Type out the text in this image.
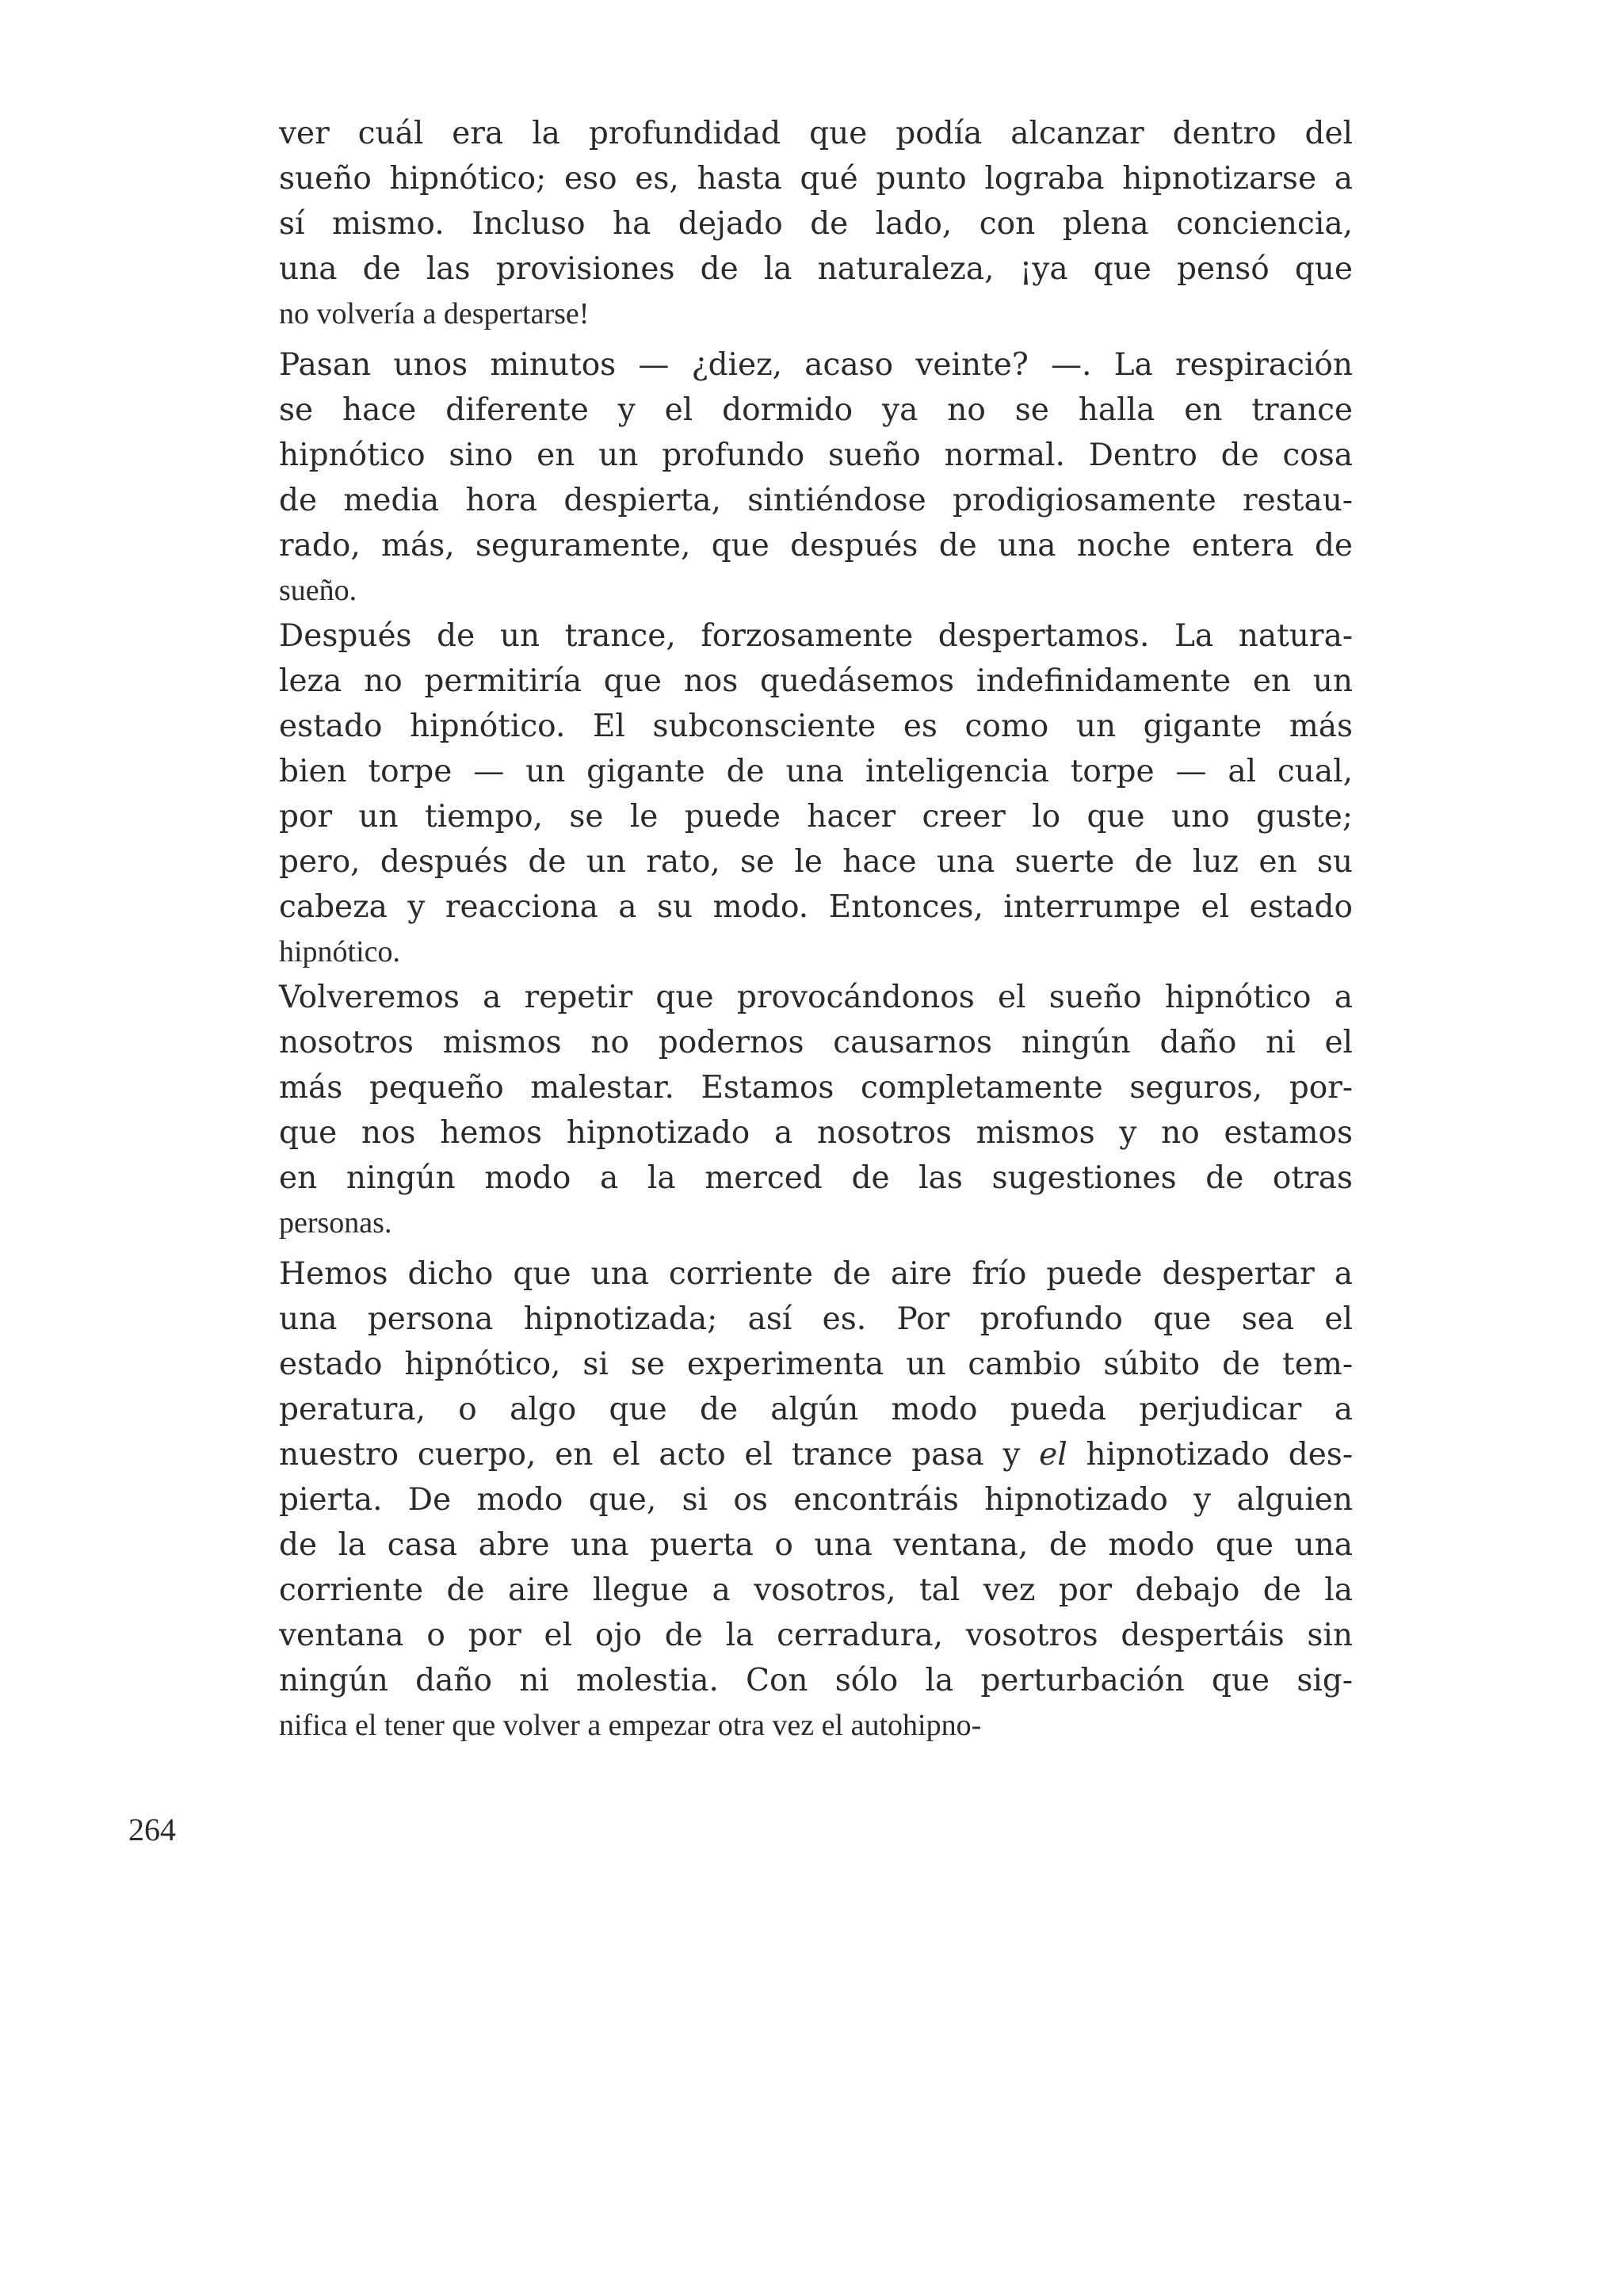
ver cuál era la profundidad que podía alcanzar dentro del
sueño hipnótico; eso es, hasta qué punto lograba hipnotizarse a
sí mismo. Incluso ha dejado de lado, con plena conciencia,
una de las provisiones de la naturaleza, ¡ya que pensó que
no volvería a despertarse!
Pasan unos minutos — ¿diez, acaso veinte? —. La respiración
se hace diferente y el dormido ya no se halla en trance
hipnótico sino en un profundo sueño normal. Dentro de cosa
de media hora despierta, sintiéndose prodigiosamente restau-
rado, más, seguramente, que después de una noche entera de
sueño.
Después de un trance, forzosamente despertamos. La natura-
leza no permitiría que nos quedásemos indefinidamente en un
estado hipnótico. El subconsciente es como un gigante más
bien torpe — un gigante de una inteligencia torpe — al cual,
por un tiempo, se le puede hacer creer lo que uno guste;
pero, después de un rato, se le hace una suerte de luz en su
cabeza y reacciona a su modo. Entonces, interrumpe el estado
hipnótico.
Volveremos a repetir que provocándonos el sueño hipnótico a
nosotros mismos no podernos causarnos ningún daño ni el
más pequeño malestar. Estamos completamente seguros, por-
que nos hemos hipnotizado a nosotros mismos y no estamos
en ningún modo a la merced de las sugestiones de otras
personas.
Hemos dicho que una corriente de aire frío puede despertar a
una persona hipnotizada; así es. Por profundo que sea el
estado hipnótico, si se experimenta un cambio súbito de tem-
peratura, o algo que de algún modo pueda perjudicar a
nuestro cuerpo, en el acto el trance pasa y el hipnotizado des-
pierta. De modo que, si os encontráis hipnotizado y alguien
de la casa abre una puerta o una ventana, de modo que una
corriente de aire llegue a vosotros, tal vez por debajo de la
ventana o por el ojo de la cerradura, vosotros despertáis sin
ningún daño ni molestia. Con sólo la perturbación que sig-
nifica el tener que volver a empezar otra vez el autohipno-
264
